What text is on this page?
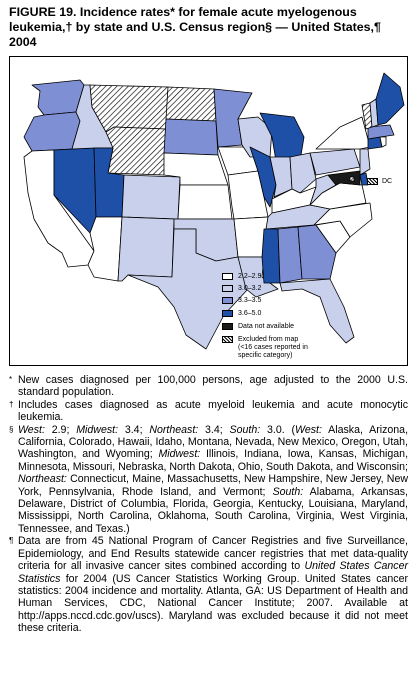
FIGURE 19. Incidence rates* for female acute myelogenous
leukemia,† by state and U.S. Census region§ — United States,¶
2004
DC
2.2–2.9
3.0–3.2
3.3–3.5
3.6–5.0
Data not available
Excluded from map
(<16 cases reported in
specific category)

* New cases diagnosed per 100,000 persons, age adjusted to the 2000 U.S. standard population.

† Includes cases diagnosed as acute myeloid leukemia and acute monocytic leukemia.

§ West: 2.9; Midwest: 3.4; Northeast: 3.4; South: 3.0. (West: Alaska, Arizona, California, Colorado, Hawaii, Idaho, Montana, Nevada, New Mexico, Oregon, Utah, Washington, and Wyoming; Midwest: Illinois, Indiana, Iowa, Kansas, Michigan, Minnesota, Missouri, Nebraska, North Dakota, Ohio, South Dakota, and Wisconsin; Northeast: Connecticut, Maine, Massachusetts, New Hampshire, New Jersey, New York, Pennsylvania, Rhode Island, and Vermont; South: Alabama, Arkansas, Delaware, District of Columbia, Florida, Georgia, Kentucky, Louisiana, Maryland, Mississippi, North Carolina, Oklahoma, South Carolina, Virginia, West Virginia, Tennessee, and Texas.)

¶ Data are from 45 National Program of Cancer Registries and five Surveillance, Epidemiology, and End Results statewide cancer registries that met data-quality criteria for all invasive cancer sites combined according to United States Cancer Statistics for 2004 (US Cancer Statistics Working Group. United States cancer statistics: 2004 incidence and mortality. Atlanta, GA: US Department of Health and Human Services, CDC, National Cancer Institute; 2007. Available at http://apps.nccd.cdc.gov/uscs). Maryland was excluded because it did not meet these criteria.
